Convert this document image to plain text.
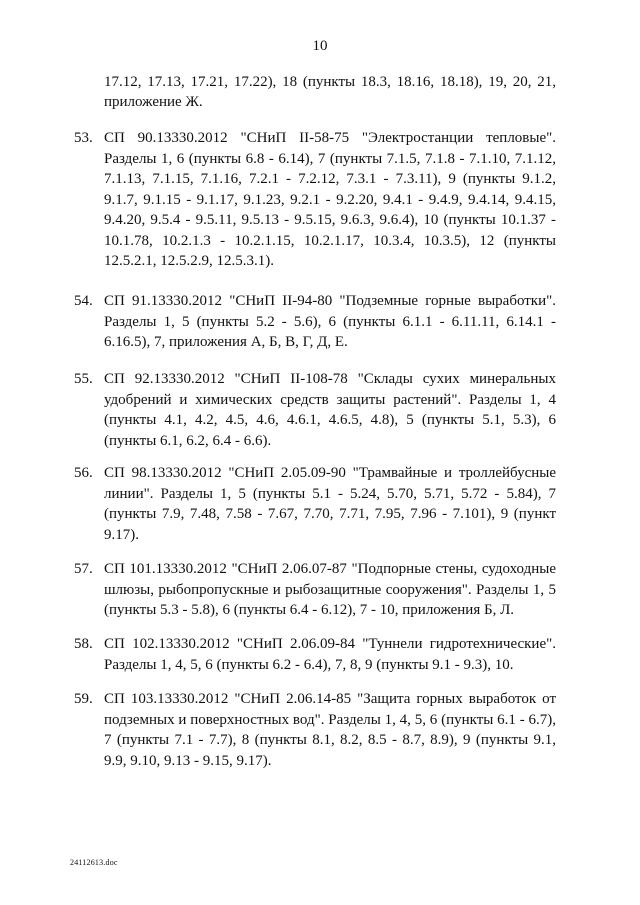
10
17.12, 17.13, 17.21, 17.22), 18 (пункты 18.3, 18.16, 18.18), 19, 20, 21, приложение Ж.
53. СП 90.13330.2012 "СНиП II-58-75 "Электростанции тепловые". Разделы 1, 6 (пункты 6.8 - 6.14), 7 (пункты 7.1.5, 7.1.8 - 7.1.10, 7.1.12, 7.1.13, 7.1.15, 7.1.16, 7.2.1 - 7.2.12, 7.3.1 - 7.3.11), 9 (пункты 9.1.2, 9.1.7, 9.1.15 - 9.1.17, 9.1.23, 9.2.1 - 9.2.20, 9.4.1 - 9.4.9, 9.4.14, 9.4.15, 9.4.20, 9.5.4 - 9.5.11, 9.5.13 - 9.5.15, 9.6.3, 9.6.4), 10 (пункты 10.1.37 - 10.1.78, 10.2.1.3 - 10.2.1.15, 10.2.1.17, 10.3.4, 10.3.5), 12 (пункты 12.5.2.1, 12.5.2.9, 12.5.3.1).
54. СП 91.13330.2012 "СНиП II-94-80 "Подземные горные выработки". Разделы 1, 5 (пункты 5.2 - 5.6), 6 (пункты 6.1.1 - 6.11.11, 6.14.1 - 6.16.5), 7, приложения А, Б, В, Г, Д, Е.
55. СП 92.13330.2012 "СНиП II-108-78 "Склады сухих минеральных удобрений и химических средств защиты растений". Разделы 1, 4 (пункты 4.1, 4.2, 4.5, 4.6, 4.6.1, 4.6.5, 4.8), 5 (пункты 5.1, 5.3), 6 (пункты 6.1, 6.2, 6.4 - 6.6).
56. СП 98.13330.2012 "СНиП 2.05.09-90 "Трамвайные и троллейбусные линии". Разделы 1, 5 (пункты 5.1 - 5.24, 5.70, 5.71, 5.72 - 5.84), 7 (пункты 7.9, 7.48, 7.58 - 7.67, 7.70, 7.71, 7.95, 7.96 - 7.101), 9 (пункт 9.17).
57. СП 101.13330.2012 "СНиП 2.06.07-87 "Подпорные стены, судоходные шлюзы, рыбопропускные и рыбозащитные сооружения". Разделы 1, 5 (пункты 5.3 - 5.8), 6 (пункты 6.4 - 6.12), 7 - 10, приложения Б, Л.
58. СП 102.13330.2012 "СНиП 2.06.09-84 "Туннели гидротехнические". Разделы 1, 4, 5, 6 (пункты 6.2 - 6.4), 7, 8, 9 (пункты 9.1 - 9.3), 10.
59. СП 103.13330.2012 "СНиП 2.06.14-85 "Защита горных выработок от подземных и поверхностных вод". Разделы 1, 4, 5, 6 (пункты 6.1 - 6.7), 7 (пункты 7.1 - 7.7), 8 (пункты 8.1, 8.2, 8.5 - 8.7, 8.9), 9 (пункты 9.1, 9.9, 9.10, 9.13 - 9.15, 9.17).
24112613.doc
